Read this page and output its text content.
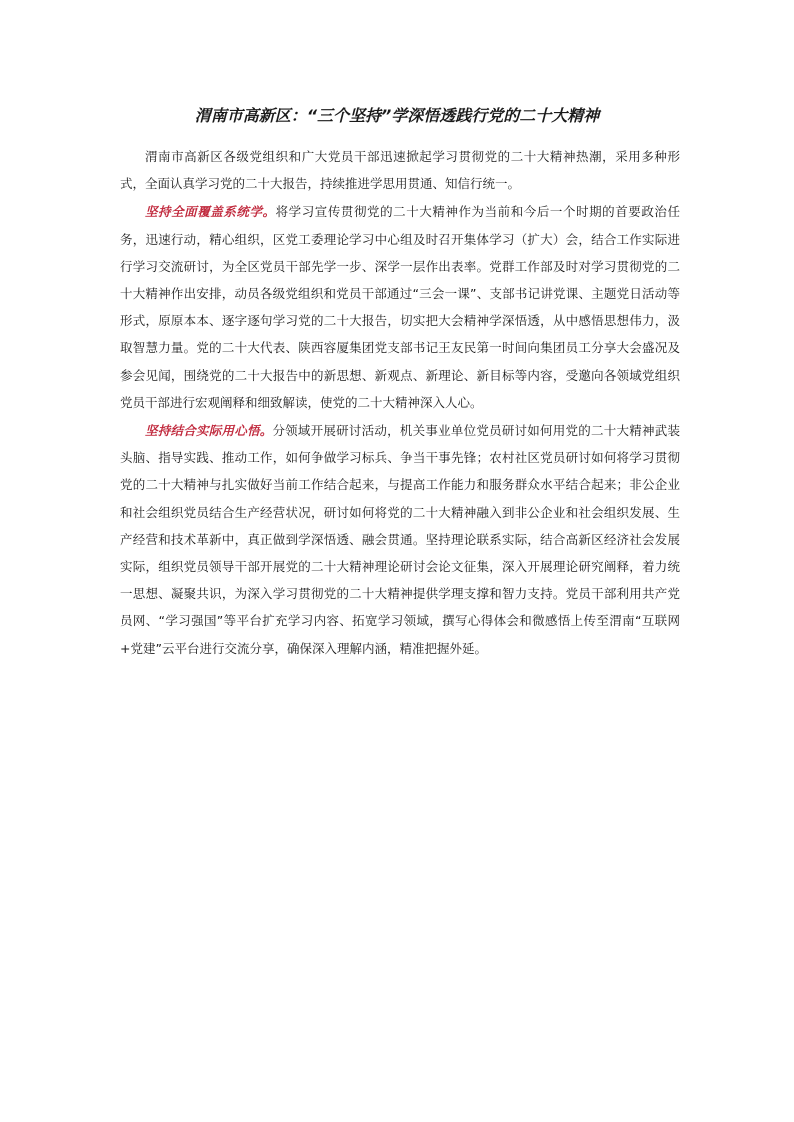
渭南市高新区：“三个坚持”学深悟透践行党的二十大精神

渭南市高新区各级党组织和广大党员干部迅速掀起学习贯彻党的二十大精神热潮，采用多种形式，全面认真学习党的二十大报告，持续推进学思用贯通、知信行统一。

坚持全面覆盖系统学。将学习宣传贯彻党的二十大精神作为当前和今后一个时期的首要政治任务，迅速行动，精心组织，区党工委理论学习中心组及时召开集体学习（扩大）会，结合工作实际进行学习交流研讨，为全区党员干部先学一步、深学一层作出表率。党群工作部及时对学习贯彻党的二十大精神作出安排，动员各级党组织和党员干部通过“三会一课”、支部书记讲党课、主题党日活动等形式，原原本本、逐字逐句学习党的二十大报告，切实把大会精神学深悟透，从中感悟思想伟力，汲取智慧力量。党的二十大代表、陕西容厦集团党支部书记王友民第一时间向集团员工分享大会盛况及参会见闻，围绕党的二十大报告中的新思想、新观点、新理论、新目标等内容，受邀向各领域党组织党员干部进行宏观阐释和细致解读，使党的二十大精神深入人心。

坚持结合实际用心悟。分领域开展研讨活动，机关事业单位党员研讨如何用党的二十大精神武装头脑、指导实践、推动工作，如何争做学习标兵、争当干事先锋；农村社区党员研讨如何将学习贯彻党的二十大精神与扎实做好当前工作结合起来，与提高工作能力和服务群众水平结合起来；非公企业和社会组织党员结合生产经营状况，研讨如何将党的二十大精神融入到非公企业和社会组织发展、生产经营和技术革新中，真正做到学深悟透、融会贯通。坚持理论联系实际，结合高新区经济社会发展实际，组织党员领导干部开展党的二十大精神理论研讨会论文征集，深入开展理论研究阐释，着力统一思想、凝聚共识，为深入学习贯彻党的二十大精神提供学理支撑和智力支持。党员干部利用共产党员网、“学习强国”等平台扩充学习内容、拓宽学习领域，撰写心得体会和微感悟上传至渭南“互联网+党建”云平台进行交流分享，确保深入理解内涵，精准把握外延。
